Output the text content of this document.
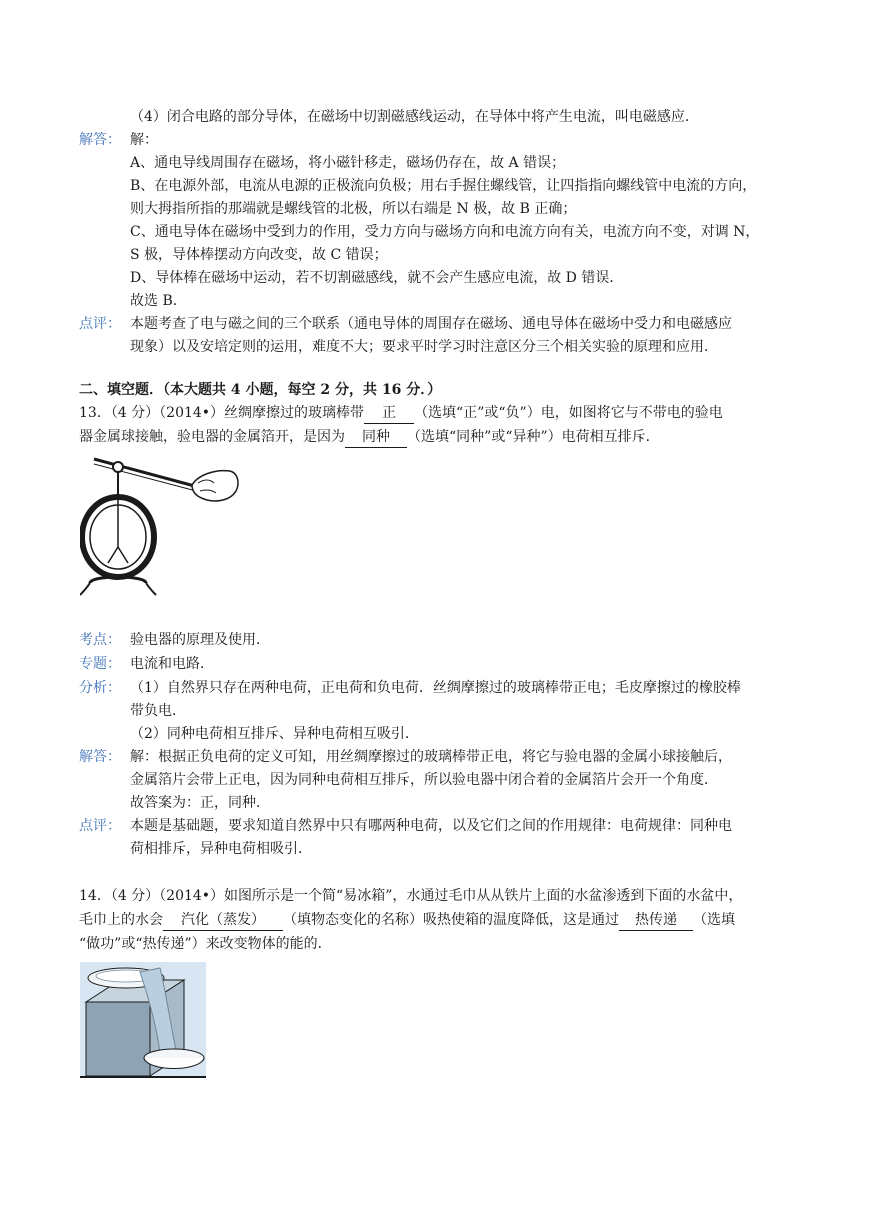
（4）闭合电路的部分导体，在磁场中切割磁感线运动，在导体中将产生电流，叫电磁感应．
解答： 解：
A、通电导线周围存在磁场，将小磁针移走，磁场仍存在，故 A 错误；
B、在电源外部，电流从电源的正极流向负极；用右手握住螺线管，让四指指向螺线管中电流的方向，
则大拇指所指的那端就是螺线管的北极，所以右端是 N 极，故 B 正确；
C、通电导体在磁场中受到力的作用，受力方向与磁场方向和电流方向有关，电流方向不变，对调 N，
S 极，导体棒摆动方向改变，故 C 错误；
D、导体棒在磁场中运动，若不切割磁感线，就不会产生感应电流，故 D 错误．
故选 B．
点评： 本题考查了电与磁之间的三个联系（通电导体的周围存在磁场、通电导体在磁场中受力和电磁感应
现象）以及安培定则的运用，难度不大；要求平时学习时注意区分三个相关实验的原理和应用．
二、填空题．（本大题共 4 小题，每空 2 分，共 16 分．）
13．（4 分）（2014•）丝绸摩擦过的玻璃棒带 正 （选填“正”或“负”）电，如图将它与不带电的验电
器金属球接触，验电器的金属箔开，是因为 同种 （选填“同种”或“异种”）电荷相互排斥．
考点： 验电器的原理及使用．
专题： 电流和电路．
分析： （1）自然界只存在两种电荷，正电荷和负电荷．丝绸摩擦过的玻璃棒带正电；毛皮摩擦过的橡胶棒
带负电．
（2）同种电荷相互排斥、异种电荷相互吸引．
解答： 解：根据正负电荷的定义可知，用丝绸摩擦过的玻璃棒带正电，将它与验电器的金属小球接触后，
金属箔片会带上正电，因为同种电荷相互排斥，所以验电器中闭合着的金属箔片会开一个角度．
故答案为：正，同种．
点评： 本题是基础题，要求知道自然界中只有哪两种电荷，以及它们之间的作用规律：电荷规律：同种电
荷相排斥，异种电荷相吸引．
14．（4 分）（2014•）如图所示是一个简“易冰箱”，水通过毛巾从从铁片上面的水盆渗透到下面的水盆中，
毛巾上的水会 汽化（蒸发） （填物态变化的名称）吸热使箱的温度降低，这是通过 热传递 （选填
“做功”或“热传递”）来改变物体的能的．
